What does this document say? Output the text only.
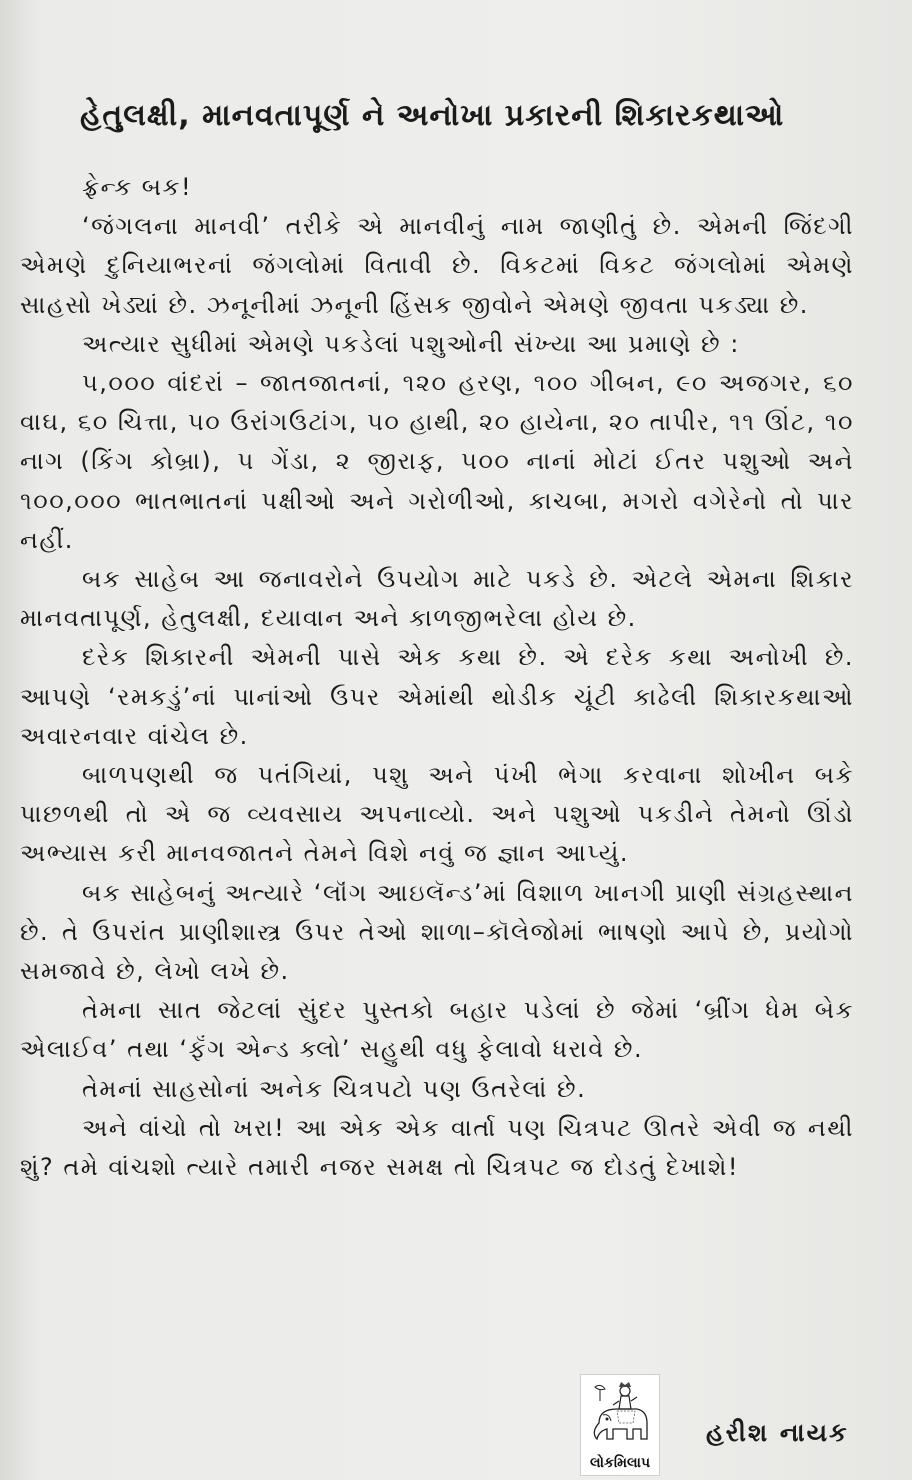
હેતુલક્ષી, માનવતાપૂર્ણ ને અનોખા પ્રકારની શિકારકથાઓ

ફ્રેન્ક બક!

‘જંગલના માનવી’ તરીકે એ માનવીનું નામ જાણીતું છે. એમની જિંદગી એમણે દુનિયાભરનાં જંગલોમાં વિતાવી છે. વિકટમાં વિકટ જંગલોમાં એમણે સાહસો ખેડ્યાં છે. ઝનૂનીમાં ઝનૂની હિંસક જીવોને એમણે જીવતા પકડ્યા છે.

અત્યાર સુધીમાં એમણે પકડેલાં પશુઓની સંખ્યા આ પ્રમાણે છે :

૫,૦૦૦ વાંદરાં – જાતજાતનાં, ૧૨૦ હરણ, ૧૦૦ ગીબન, ૯૦ અજગર, ૬૦ વાઘ, ૬૦ ચિત્તા, ૫૦ ઉરાંગઉટાંગ, ૫૦ હાથી, ૨૦ હાયેના, ૨૦ તાપીર, ૧૧ ઊંટ, ૧૦ નાગ (કિંગ કોબ્રા), ૫ ગેંડા, ૨ જીરાફ, ૫૦૦ નાનાં મોટાં ઈતર પશુઓ અને ૧૦૦,૦૦૦ ભાતભાતનાં પક્ષીઓ અને ગરોળીઓ, કાચબા, મગરો વગેરેનો તો પાર નહીં.

બક સાહેબ આ જનાવરોને ઉપયોગ માટે પકડે છે. એટલે એમના શિકાર માનવતાપૂર્ણ, હેતુલક્ષી, દયાવાન અને કાળજીભરેલા હોય છે.

દરેક શિકારની એમની પાસે એક કથા છે. એ દરેક કથા અનોખી છે. આપણે ‘રમકડું’નાં પાનાંઓ ઉપર એમાંથી થોડીક ચૂંટી કાઢેલી શિકારકથાઓ અવારનવાર વાંચેલ છે.

બાળપણથી જ પતંગિયાં, પશુ અને પંખી ભેગા કરવાના શોખીન બકે પાછળથી તો એ જ વ્યવસાય અપનાવ્યો. અને પશુઓ પકડીને તેમનો ઊંડો અભ્યાસ કરી માનવજાતને તેમને વિશે નવું જ જ્ઞાન આપ્યું.

બક સાહેબનું અત્યારે ‘લૉંગ આઇલૅન્ડ’માં વિશાળ ખાનગી પ્રાણી સંગ્રહસ્થાન છે. તે ઉપરાંત પ્રાણીશાસ્ત્ર ઉપર તેઓ શાળા–કૉલેજોમાં ભાષણો આપે છે, પ્રયોગો સમજાવે છે, લેખો લખે છે.

તેમના સાત જેટલાં સુંદર પુસ્તકો બહાર પડેલાં છે જેમાં ‘બ્રીંગ ધેમ બેક એલાઈવ’ તથા ‘ફૅંગ એન્ડ ક્લો’ સહુથી વધુ ફેલાવો ધરાવે છે.

તેમનાં સાહસોનાં અનેક ચિત્રપટો પણ ઉતરેલાં છે.

અને વાંચો તો ખરા! આ એક એક વાર્તા પણ ચિત્રપટ ઊતરે એવી જ નથી શું? તમે વાંચશો ત્યારે તમારી નજર સમક્ષ તો ચિત્રપટ જ દોડતું દેખાશે!

લોકમિલાપ
હરીશ નાયક
